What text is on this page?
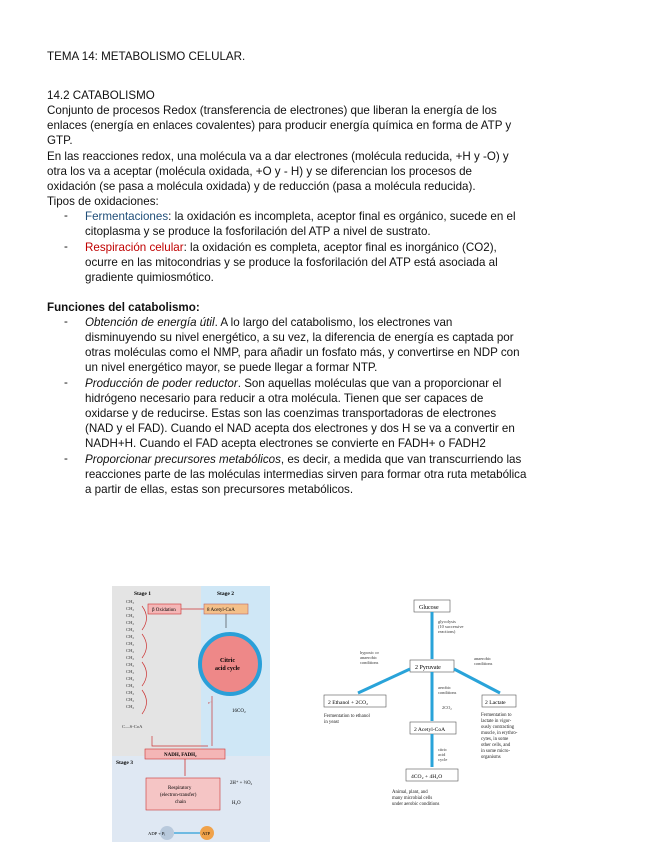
TEMA 14: METABOLISMO CELULAR.
14.2 CATABOLISMO
Conjunto de procesos Redox (transferencia de electrones) que liberan la energía de los
enlaces (energía en enlaces covalentes) para producir energía química en forma de ATP y
GTP.
En las reacciones redox, una molécula va a dar electrones (molécula reducida, +H y -O) y
otra los va a aceptar (molécula oxidada, +O y - H) y se diferencian los procesos de
oxidación (se pasa a molécula oxidada) y de reducción (pasa a molécula reducida).
Tipos de oxidaciones:
- Fermentaciones: la oxidación es incompleta, aceptor final es orgánico, sucede en el
citoplasma y se produce la fosforilación del ATP a nivel de sustrato.
- Respiración celular: la oxidación es completa, aceptor final es inorgánico (CO2),
ocurre en las mitocondrias y se produce la fosforilación del ATP está asociada al
gradiente quimiosmótico.
Funciones del catabolismo:
- Obtención de energía útil. A lo largo del catabolismo, los electrones van
disminuyendo su nivel energético, a su vez, la diferencia de energía es captada por
otras moléculas como el NMP, para añadir un fosfato más, y convertirse en NDP con
un nivel energético mayor, se puede llegar a formar NTP.
- Producción de poder reductor. Son aquellas moléculas que van a proporcionar el
hidrógeno necesario para reducir a otra molécula. Tienen que ser capaces de
oxidarse y de reducirse. Estas son las coenzimas transportadoras de electrones
(NAD y el FAD). Cuando el NAD acepta dos electrones y dos H se va a convertir en
NADH+H. Cuando el FAD acepta electrones se convierte en FADH+ o FADH2
- Proporcionar precursores metabólicos, es decir, a medida que van transcurriendo las
reacciones parte de las moléculas intermedias sirven para formar otra ruta metabólica
a partir de ellas, estas son precursores metabólicos.
Stage 1	Stage 2
Stage 3
CH₃
CH₂
CH₂
CH₂
CH₂
CH₂
CH₂
CH₂
CH₂
CH₂
CH₂
CH₂
CH₂
CH₂
CH₂
CH₂
C—S-CoA
β Oxidation	8 Acetyl-CoA
Citric
acid cycle
16CO₂
e⁻
NADH, FADH₂
Respiratory
(electron-transfer)
chain
2H⁺ + ½O₂
H₂O
ADP + Pᵢ	ATP
Glucose
glycolysis
(10 successive
reactions)
hypoxic or
anaerobic
conditions
anaerobic
conditions
aerobic
conditions
2CO₂
citric
acid
cycle
2 Pyruvate
2 Ethanol + 2CO₂	2 Lactate
2 Acetyl-CoA
4CO₂ + 4H₂O
Fermentation to ethanol
in yeast
Fermentation to
lactate in vigor-
ously contracting
muscle, in erythro-
cytes, in some
other cells, and
in some micro-
organisms
Animal, plant, and
many microbial cells
under aerobic conditions
